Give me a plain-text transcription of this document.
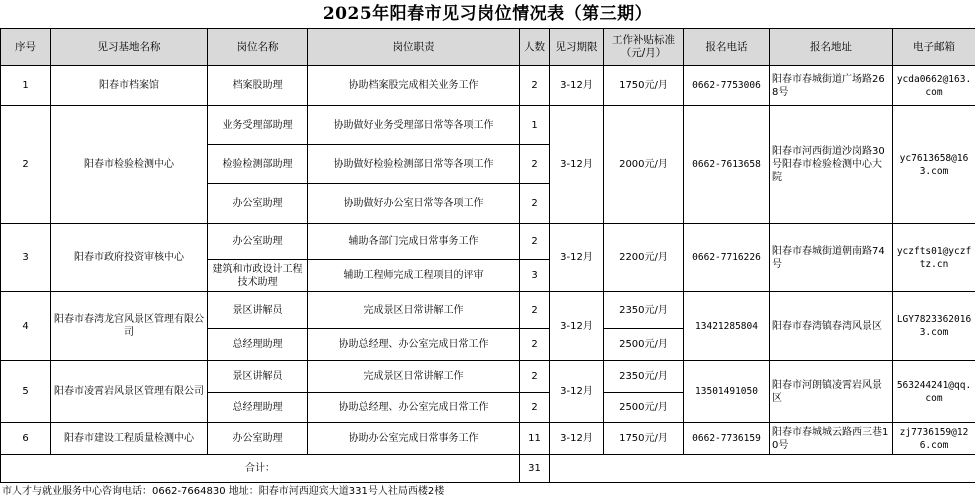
2025年阳春市见习岗位情况表（第三期）
序号	见习基地名称	岗位名称	岗位职责	人数	见习期限	工作补贴标准（元/月）	报名电话	报名地址	电子邮箱
1	阳春市档案馆	档案股助理	协助档案股完成相关业务工作	2	3-12月	1750元/月	0662-7753006	阳春市春城街道广场路268号	ycda0662@163.com
2	阳春市检验检测中心	业务受理部助理	协助做好业务受理部日常等各项工作	1	3-12月	2000元/月	0662-7613658	阳春市河西街道沙岗路30号阳春市检验检测中心大院	yc7613658@163.com
		检验检测部助理	协助做好检验检测部日常等各项工作	2					
		办公室助理	协助做好办公室日常等各项工作	2					
3	阳春市政府投资审核中心	办公室助理	辅助各部门完成日常事务工作	2	3-12月	2200元/月	0662-7716226	阳春市春城街道朝南路74号	yczfts01@yczftz.cn
		建筑和市政设计工程技术助理	辅助工程师完成工程项目的评审	3					
4	阳春市春湾龙宫风景区管理有限公司	景区讲解员	完成景区日常讲解工作	2	3-12月	2350元/月	13421285804	阳春市春湾镇春湾风景区	LGY78233620163.com
		总经理助理	协助总经理、办公室完成日常工作	2		2500元/月			
5	阳春市凌霄岩风景区管理有限公司	景区讲解员	完成景区日常讲解工作	2	3-12月	2350元/月	13501491050	阳春市河朗镇凌霄岩风景区	563244241@qq.com
		总经理助理	协助总经理、办公室完成日常工作	2		2500元/月			
6	阳春市建设工程质量检测中心	办公室助理	协助办公室完成日常事务工作	11	3-12月	1750元/月	0662-7736159	阳春市春城城云路西三巷10号	zj7736159@126.com
合计：				31					
市人才与就业服务中心咨询电话：0662-7664830 地址：阳春市河西迎宾大道331号人社局西楼2楼
